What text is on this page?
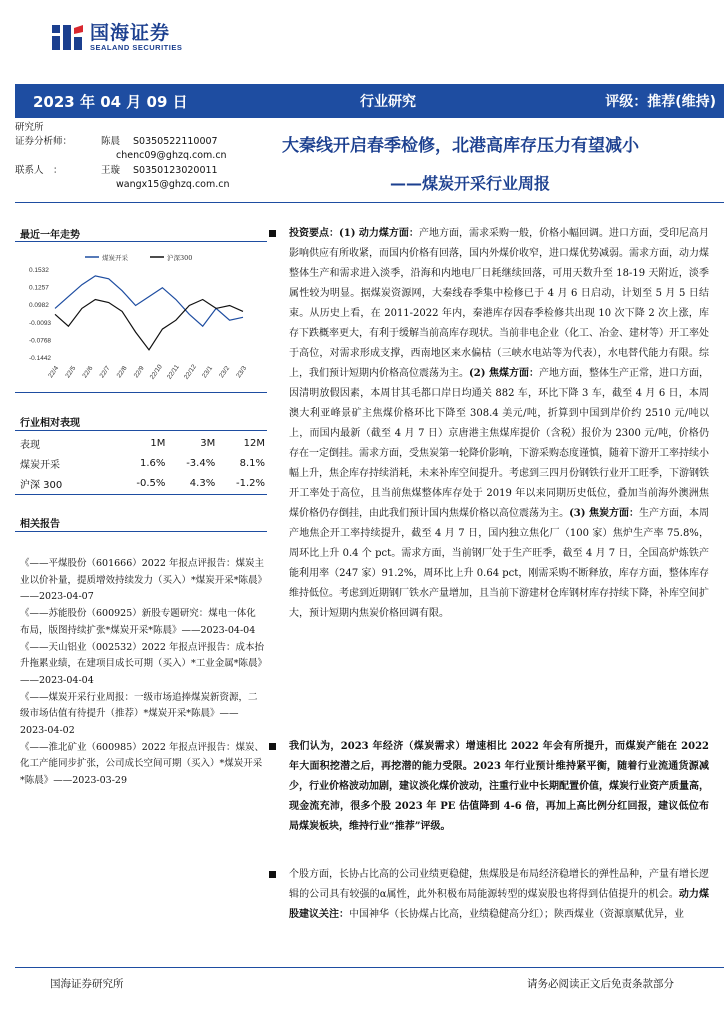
国海证券
SEALAND SECURITIES
2023 年 04 月 09 日	行业研究	评级：推荐(维持)
研究所
证券分析师：	陈晨 S0350522110007
chenc09@ghzq.com.cn
联系人　：	王璇 S0350123020011
wangx15@ghzq.com.cn
大秦线开启春季检修，北港高库存压力有望减小
——煤炭开采行业周报
最近一年走势
0.1532
0.1257
0.0982
-0.0093
-0.0768
-0.1442
22/4 22/5 22/6 22/7 22/8 22/9 22/10 22/11 22/12 23/1 23/2 23/3
煤炭开采	沪深300
行业相对表现
表现	1M	3M	12M
煤炭开采	1.6%	-3.4%	8.1%
沪深 300	-0.5%	4.3%	-1.2%
相关报告
《——平煤股份（601666）2022 年报点评报告：煤炭主业以价补量，提质增效持续发力（买入）*煤炭开采*陈晨》——2023-04-07
《——苏能股份（600925）新股专题研究：煤电一体化布局，版图持续扩张*煤炭开采*陈晨》——2023-04-04
《——天山铝业（002532）2022 年报点评报告：成本抬升拖累业绩，在建项目成长可期（买入）*工业金属*陈晨》——2023-04-04
《——煤炭开采行业周报：一级市场追捧煤炭新资源，二级市场估值有待提升（推荐）*煤炭开采*陈晨》——2023-04-02
《——淮北矿业（600985）2022 年报点评报告：煤炭、化工产能同步扩张，公司成长空间可期（买入）*煤炭开采*陈晨》——2023-03-29
投资要点：(1) 动力煤方面：产地方面，需求采购一般，价格小幅回调。进口方面，受印尼高月影响供应有所收紧，而国内价格有回落，国内外煤价收窄，进口煤优势减弱。需求方面，动力煤整体生产和需求进入淡季，沿海和内地电厂日耗继续回落，可用天数升至 18-19 天附近，淡季属性较为明显。据煤炭资源网，大秦线春季集中检修已于 4 月 6 日启动，计划至 5 月 5 日结束。从历史上看，在 2011-2022 年内，秦港库存因春季检修共出现 10 次下降 2 次上涨，库存下跌概率更大，有利于缓解当前高库存现状。当前非电企业（化工、冶金、建材等）开工率处于高位，对需求形成支撑，西南地区来水偏枯（三峡水电站等为代表），水电替代能力有限。综上，我们预计短期内价格高位震荡为主。(2) 焦煤方面：产地方面，整体生产正常，进口方面，因清明放假因素，本周甘其毛都口岸日均通关 882 车，环比下降 3 车，截至 4 月 6 日，本周澳大利亚峰景矿主焦煤价格环比下降至 308.4 美元/吨，折算到中国到岸价约 2510 元/吨以上，而国内最新（截至 4 月 7 日）京唐港主焦煤库提价（含税）报价为 2300 元/吨，价格仍存在一定倒挂。需求方面，受焦炭第一轮降价影响，下游采购态度谨慎，随着下游开工率持续小幅上升，焦企库存持续消耗，未来补库空间提升。考虑到三四月份钢铁行业开工旺季，下游钢铁开工率处于高位，且当前焦煤整体库存处于 2019 年以来同期历史低位，叠加当前海外澳洲焦煤价格仍存倒挂，由此我们预计国内焦煤价格以高位震荡为主。(3) 焦炭方面：生产方面，本周产地焦企开工率持续提升，截至 4 月 7 日，国内独立焦化厂（100 家）焦炉生产率 75.8%，周环比上升 0.4 个 pct。需求方面，当前钢厂处于生产旺季，截至 4 月 7 日，全国高炉炼铁产能利用率（247 家）91.2%，周环比上升 0.64 pct，刚需采购不断释放，库存方面，整体库存维持低位。考虑到近期钢厂铁水产量增加，且当前下游建材仓库钢材库存持续下降，补库空间扩大，预计短期内焦炭价格回调有限。
我们认为，2023 年经济（煤炭需求）增速相比 2022 年会有所提升，而煤炭产能在 2022 年大面积挖潜之后，再挖潜的能力受限。2023 年行业预计维持紧平衡，随着行业流通货源减少，行业价格波动加剧，建议淡化煤价波动，注重行业中长期配置价值，煤炭行业资产质量高，现金流充沛，很多个股 2023 年 PE 估值降到 4-6 倍，再加上高比例分红回报，建议低位布局煤炭板块，维持行业“推荐”评级。
个股方面，长协占比高的公司业绩更稳健，焦煤股是布局经济稳增长的弹性品种，产量有增长逻辑的公司具有较强的α属性，此外积极布局能源转型的煤炭股也将得到估值提升的机会。动力煤股建议关注：中国神华（长协煤占比高，业绩稳健高分红）；陕西煤业（资源禀赋优异，业
国海证券研究所	请务必阅读正文后免责条款部分
